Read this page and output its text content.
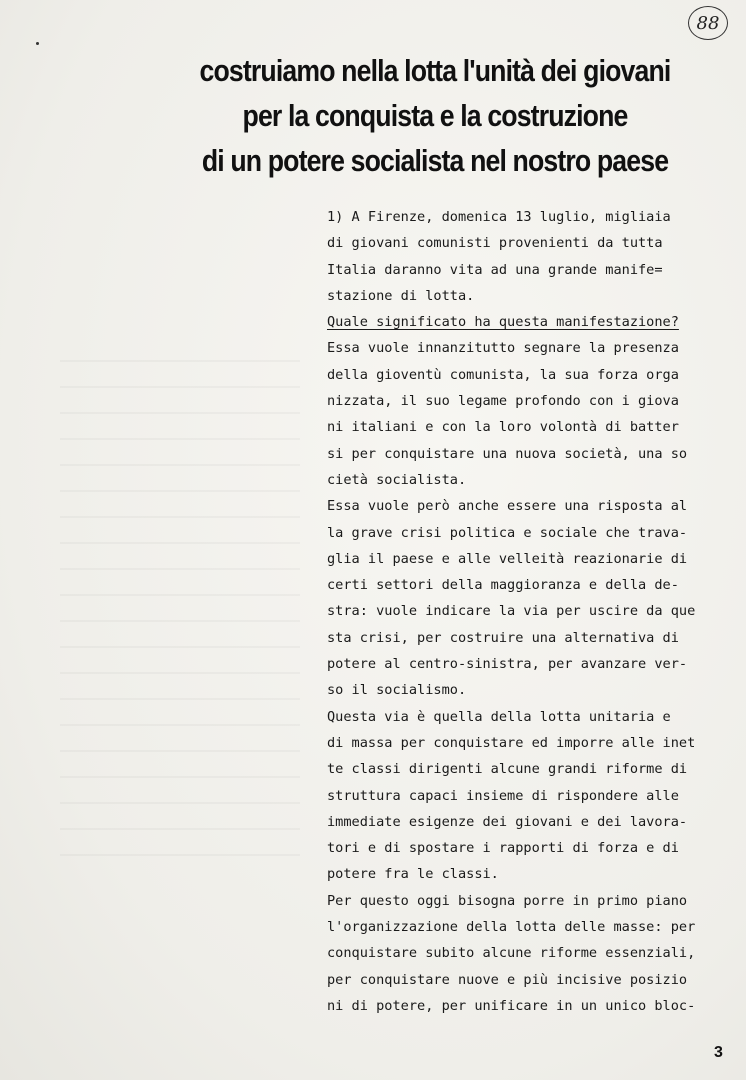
88
costruiamo nella lotta l'unità dei giovani
per la conquista e la costruzione
di un potere socialista nel nostro paese
1) A Firenze, domenica 13 luglio, migliaia
di giovani comunisti provenienti da tutta
Italia daranno vita ad una grande manife=
stazione di lotta.
Quale significato ha questa manifestazione?
Essa vuole innanzitutto segnare la presenza
della gioventù comunista, la sua forza orga
nizzata, il suo legame profondo con i giova
ni italiani e con la loro volontà di batter
si per conquistare una nuova società, una so
cietà socialista.
Essa vuole però anche essere una risposta al
la grave crisi politica e sociale che trava-
glia il paese e alle velleità reazionarie di
certi settori della maggioranza e della de-
stra: vuole indicare la via per uscire da que
sta crisi, per costruire una alternativa di
potere al centro-sinistra, per avanzare ver-
so il socialismo.
Questa via è quella della lotta unitaria e
di massa per conquistare ed imporre alle inet
te classi dirigenti alcune grandi riforme di
struttura capaci insieme di rispondere alle
immediate esigenze dei giovani e dei lavora-
tori e di spostare i rapporti di forza e di
potere fra le classi.
Per questo oggi bisogna porre in primo piano
l'organizzazione della lotta delle masse: per
conquistare subito alcune riforme essenziali,
per conquistare nuove e più incisive posizio
ni di potere, per unificare in un unico bloc-
3
